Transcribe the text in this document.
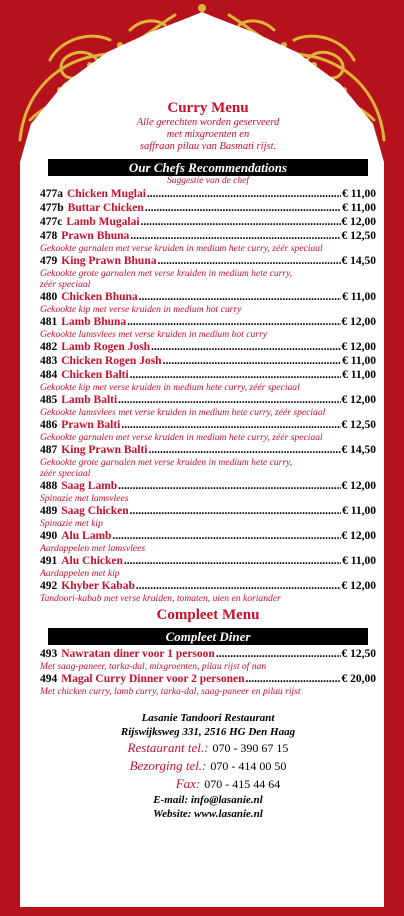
Curry Menu

Alle gerechten worden geserveerd

met mixgroenten en

saffraan pilau van Basmati rijst.

Our Chefs Recommendations

Suggestie van de chef

477a Chicken Muglai .....	€ 11,00
477b Buttar Chicken .....	€ 11,00
477c Lamb Mugalai .....	€ 12,00
478 Prawn Bhuna .....	€ 12,50

Gekookte garnalen met verse kruiden in medium hete curry, zéér speciaal

479 King Prawn Bhuna .....	€ 14,50

Gekookte grote garnalen met verse kruiden in medium hete curry,

zéér speciaal

480 Chicken Bhuna .....	€ 11,00

Gekookte kip met verse kruiden in medium hot curry

481 Lamb Bhuna .....	€ 12,00

Gekookte lamsvlees met verse kruiden in medium hot curry

482 Lamb Rogen Josh .....	€ 12,00
483 Chicken Rogen Josh .....	€ 11,00
484 Chicken Balti .....	€ 11,00

Gekookte kip met verse kruiden in medium hete curry, zéér speciaal

485 Lamb Balti .....	€ 12,00

Gekookte lamsvlees met verse kruiden in medium hete curry, zéér speciaal

486 Prawn Balti .....	€ 12,50

Gekookte garnalen met verse kruiden in medium hete curry, zéér speciaal

487 King Prawn Balti .....	€ 14,50

Gekookte grote garnalen met verse kruiden in medium hete curry,

zéér speciaal

488 Saag Lamb .....	€ 12,00

Spinazie met lamsvlees

489 Saag Chicken .....	€ 11,00

Spinazie met kip

490 Alu Lamb .....	€ 12,00

Aardappelen met lamsvlees

491 Alu Chicken .....	€ 11,00

Aardappelen met kip

492 Khyber Kabab .....	€ 12,00

Tandoori-kabab met verse kruiden, tomaten, uien en koriander

Compleet Menu

Compleet Diner
493 Nawratan diner voor 1 persoon .....	€ 12,50

Met saag-paneer, tarka-dal, mixgroenten, pilau rijst of nan

494 Magal Curry Dinner voor 2 personen .....	€ 20,00

Met chicken curry, lamb curry, tarka-dal, saag-paneer en pilau rijst

Lasanie Tandoori Restaurant

Rijswijksweg 331, 2516 HG Den Haag

Restaurant tel.: 070 - 390 67 15

Bezorging tel.: 070 - 414 00 50

Fax: 070 - 415 44 64

E-mail: info@lasanie.nl

Website: www.lasanie.nl
